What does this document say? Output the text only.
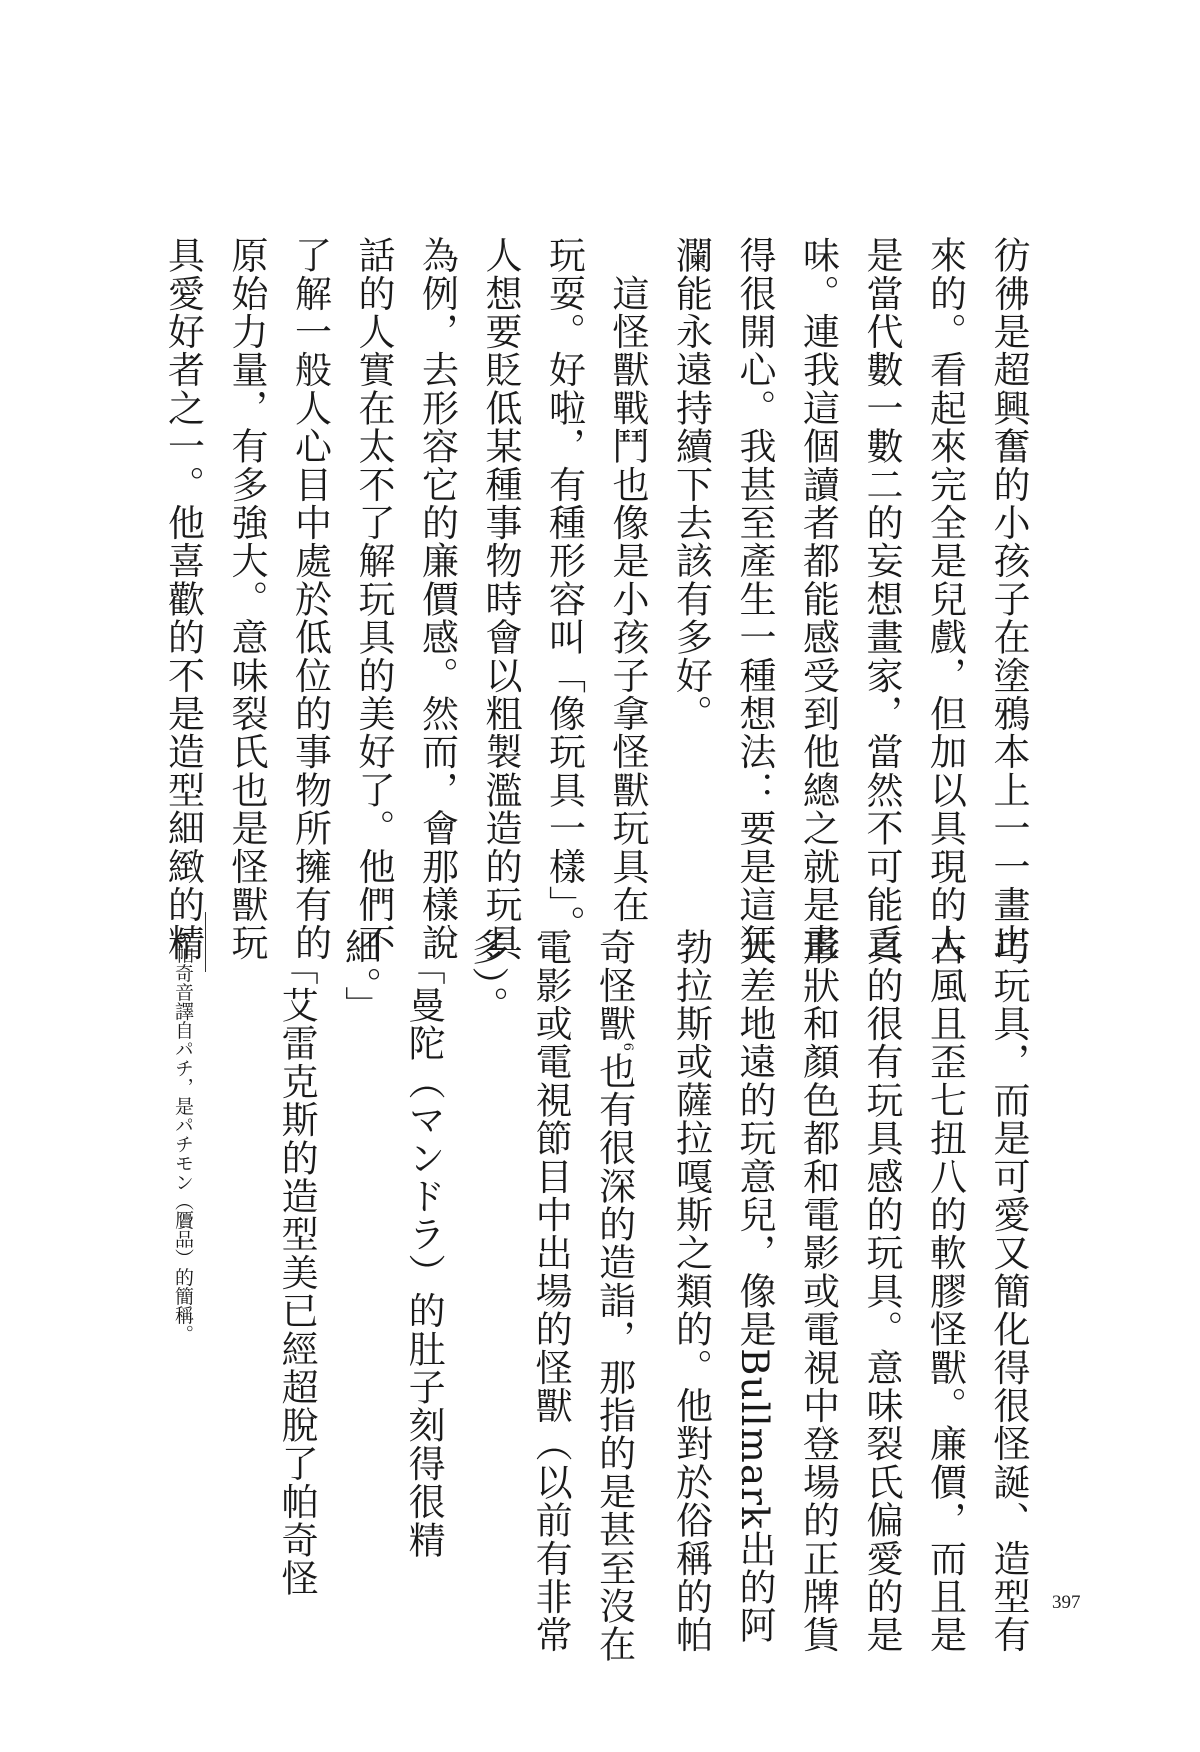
彷彿是超興奮的小孩子在塗鴉本上一一畫出
來的。看起來完全是兒戲，但加以具現的人
是當代數一數二的妄想畫家，當然不可能乏
味。連我這個讀者都能感受到他總之就是畫
得很開心。我甚至產生一種想法：要是這狂
瀾能永遠持續下去該有多好。
　這怪獸戰鬥也像是小孩子拿怪獸玩具在
玩耍。好啦，有種形容叫「像玩具一樣」。
人想要貶低某種事物時會以粗製濫造的玩具
為例，去形容它的廉價感。然而，會那樣說
話的人實在太不了解玩具的美好了。他們不
了解一般人心目中處於低位的事物所擁有的
原始力量，有多強大。意味裂氏也是怪獸玩
具愛好者之一。他喜歡的不是造型細緻的精
巧玩具，而是可愛又簡化得很怪誕、造型有
古風且歪七扭八的軟膠怪獸。廉價，而且是
真的很有玩具感的玩具。意味裂氏偏愛的是
形狀和顏色都和電影或電視中登場的正牌貨
天差地遠的玩意兒，像是Bullmark出的阿
勃拉斯或薩拉嘎斯之類的。他對於俗稱的帕
奇怪獸$^6$也有很深的造詣，那指的是甚至沒在
電影或電視節目中出場的怪獸（以前有非常
多）。
　「曼陀（マンドラ）的肚子刻得很精
細。」
　「艾雷克斯的造型美已經超脫了帕奇怪
6帕奇音譯自パチ，是パチモン（贗品）的簡稱。
397
